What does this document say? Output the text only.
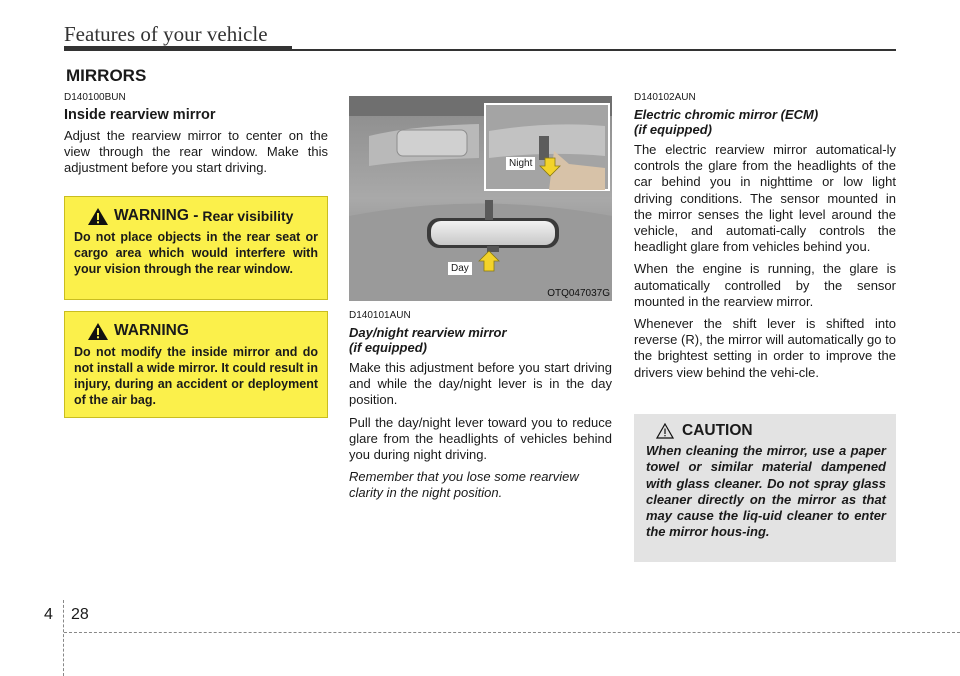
Features of your vehicle
MIRRORS
D140100BUN
Inside rearview mirror
Adjust the rearview mirror to center on the view through the rear window. Make this adjustment before you start driving.
WARNING - Rear visibility
Do not place objects in the rear seat or cargo area which would interfere with your vision through the rear window.
WARNING
Do not modify the inside mirror and do not install a wide mirror. It could result in injury, during an accident or deployment of the air bag.
Night
Day
OTQ047037G
D140101AUN
Day/night rearview mirror
(if equipped)
Make this adjustment before you start driving and while the day/night lever is in the day position.
Pull the day/night lever toward you to reduce glare from the headlights of vehicles behind you during night driving.
Remember that you lose some rearview clarity in the night position.
D140102AUN
Electric chromic mirror (ECM)
(if equipped)
The electric rearview mirror automatical-ly controls the glare from the headlights of the car behind you in nighttime or low light driving conditions. The sensor mounted in the mirror senses the light level around the vehicle, and automati-cally controls the headlight glare from vehicles behind you.
When the engine is running, the glare is automatically controlled by the sensor mounted in the rearview mirror.
Whenever the shift lever is shifted into reverse (R), the mirror will automatically go to the brightest setting in order to improve the drivers view behind the vehi-cle.
CAUTION
When cleaning the mirror, use a paper towel or similar material dampened with glass cleaner. Do not spray glass cleaner directly on the mirror as that may cause the liq-uid cleaner to enter the mirror hous-ing.
4 28
